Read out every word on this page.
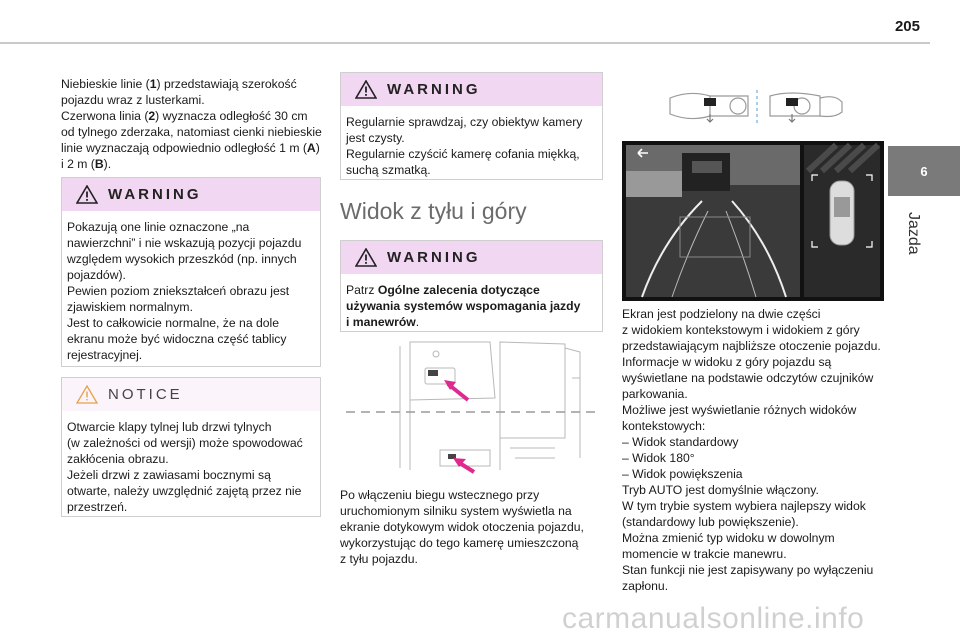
205
6
Jazda
Niebieskie linie (1) przedstawiają szerokość
pojazdu wraz z lusterkami.
Czerwona linia (2) wyznacza odległość 30 cm
od tylnego zderzaka, natomiast cienki niebieskie
linie wyznaczają odpowiednio odległość 1 m (A)
i 2 m (B).
WARNING
Pokazują one linie oznaczone „na
nawierzchni” i nie wskazują pozycji pojazdu
względem wysokich przeszkód (np. innych
pojazdów).
Pewien poziom zniekształceń obrazu jest
zjawiskiem normalnym.
Jest to całkowicie normalne, że na dole
ekranu może być widoczna część tablicy
rejestracyjnej.
NOTICE
Otwarcie klapy tylnej lub drzwi tylnych
(w zależności od wersji) może spowodować
zakłócenia obrazu.
Jeżeli drzwi z zawiasami bocznymi są
otwarte, należy uwzględnić zajętą przez nie
przestrzeń.
WARNING
Regularnie sprawdzaj, czy obiektyw kamery
jest czysty.
Regularnie czyścić kamerę cofania miękką,
suchą szmatką.
Widok z tyłu i góry
WARNING
Patrz Ogólne zalecenia dotyczące
używania systemów wspomagania jazdy
i manewrów.
Po włączeniu biegu wstecznego przy
uruchomionym silniku system wyświetla na
ekranie dotykowym widok otoczenia pojazdu,
wykorzystując do tego kamerę umieszczoną
z tyłu pojazdu.
Ekran jest podzielony na dwie części
z widokiem kontekstowym i widokiem z góry
przedstawiającym najbliższe otoczenie pojazdu.
Informacje w widoku z góry pojazdu są
wyświetlane na podstawie odczytów czujników
parkowania.
Możliwe jest wyświetlanie różnych widoków
kontekstowych:
– Widok standardowy
– Widok 180°
– Widok powiększenia
Tryb AUTO jest domyślnie włączony.
W tym trybie system wybiera najlepszy widok
(standardowy lub powiększenie).
Można zmienić typ widoku w dowolnym
momencie w trakcie manewru.
Stan funkcji nie jest zapisywany po wyłączeniu
zapłonu.
carmanualsonline.info
